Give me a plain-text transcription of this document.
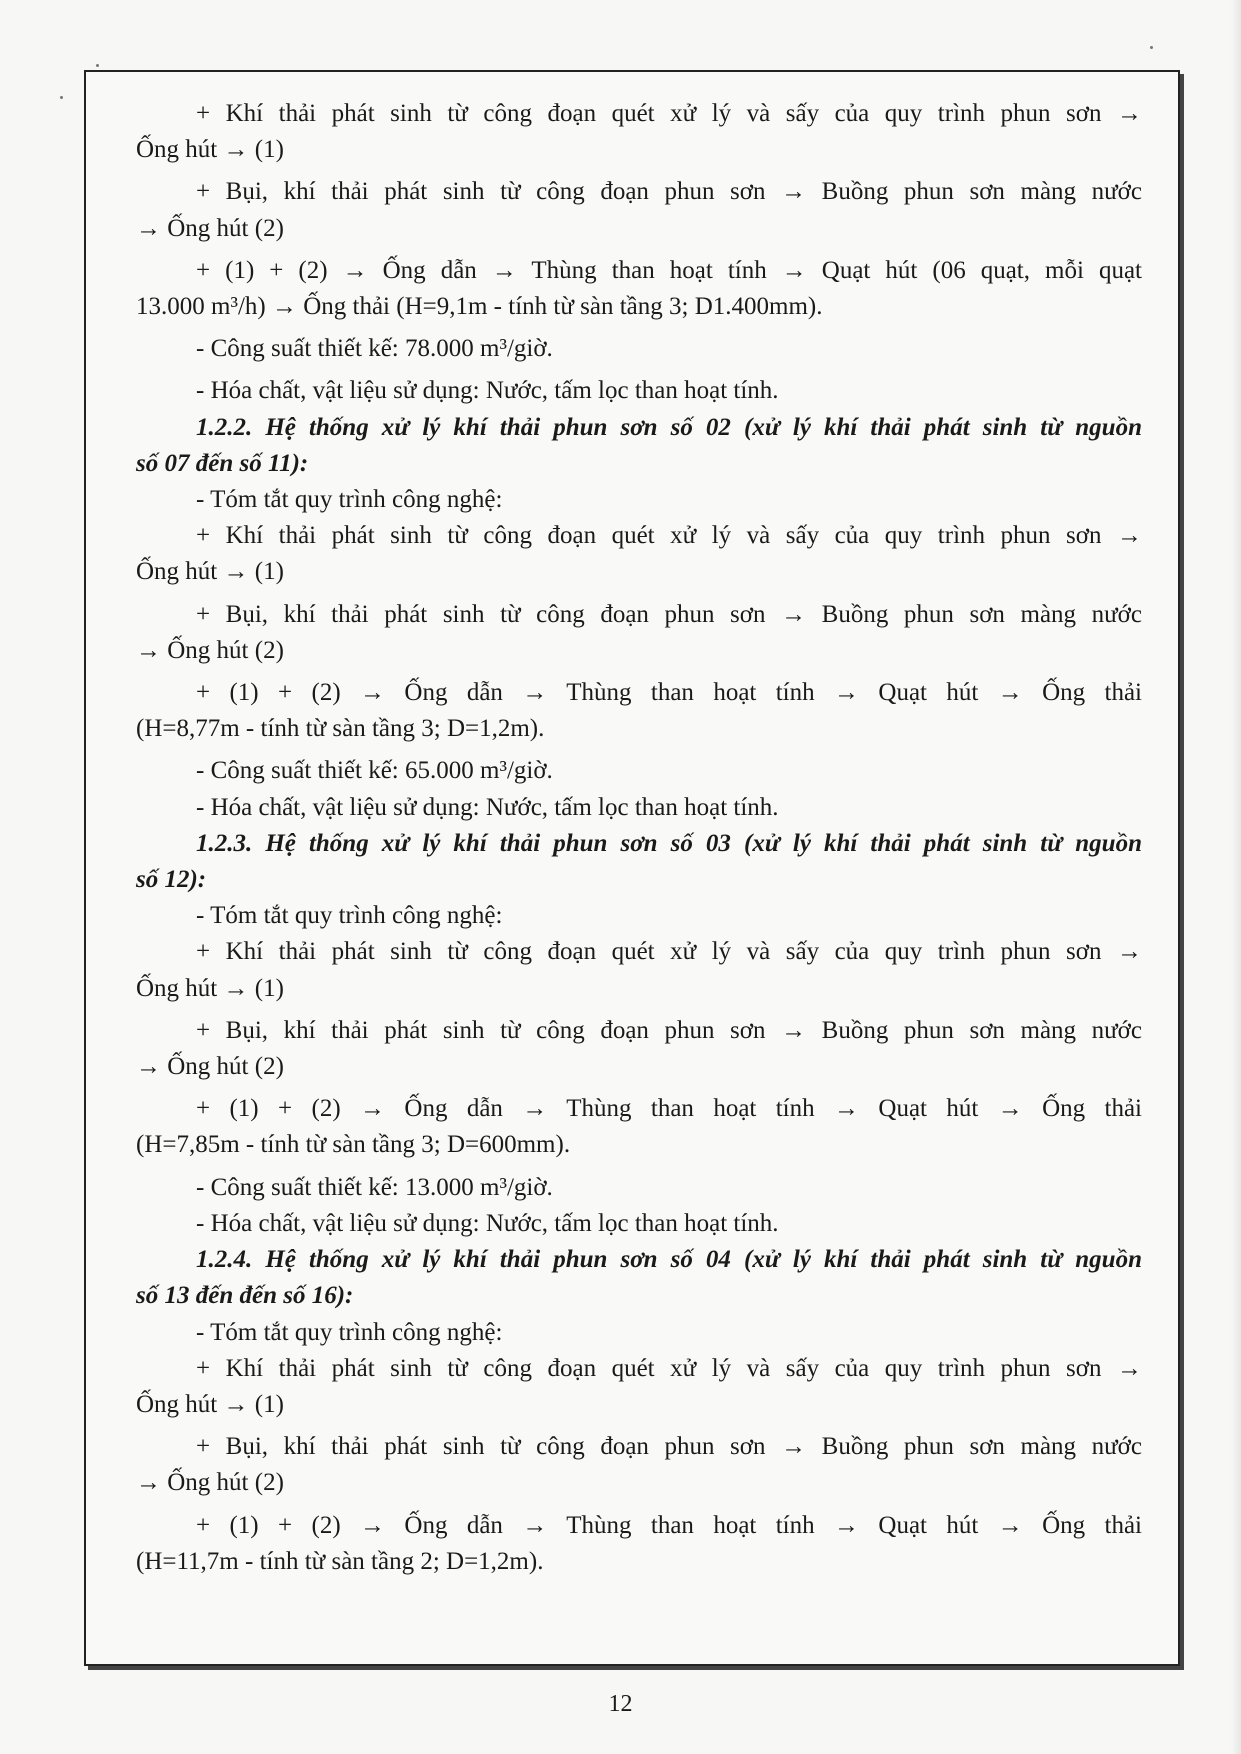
+ Khí thải phát sinh từ công đoạn quét xử lý và sấy của quy trình phun sơn →
Ống hút → (1)
+ Bụi, khí thải phát sinh từ công đoạn phun sơn → Buồng phun sơn màng nước
→ Ống hút (2)
+ (1) + (2) → Ống dẫn → Thùng than hoạt tính → Quạt hút (06 quạt, mỗi quạt
13.000 m³/h) → Ống thải (H=9,1m - tính từ sàn tầng 3; D1.400mm).
- Công suất thiết kế: 78.000 m³/giờ.
- Hóa chất, vật liệu sử dụng: Nước, tấm lọc than hoạt tính.
1.2.2. Hệ thống xử lý khí thải phun sơn số 02 (xử lý khí thải phát sinh từ nguồn
số 07 đến số 11):
- Tóm tắt quy trình công nghệ:
+ Khí thải phát sinh từ công đoạn quét xử lý và sấy của quy trình phun sơn →
Ống hút → (1)
+ Bụi, khí thải phát sinh từ công đoạn phun sơn → Buồng phun sơn màng nước
→ Ống hút (2)
+ (1) + (2) → Ống dẫn → Thùng than hoạt tính → Quạt hút → Ống thải
(H=8,77m - tính từ sàn tầng 3; D=1,2m).
- Công suất thiết kế: 65.000 m³/giờ.
- Hóa chất, vật liệu sử dụng: Nước, tấm lọc than hoạt tính.
1.2.3. Hệ thống xử lý khí thải phun sơn số 03 (xử lý khí thải phát sinh từ nguồn
số 12):
- Tóm tắt quy trình công nghệ:
+ Khí thải phát sinh từ công đoạn quét xử lý và sấy của quy trình phun sơn →
Ống hút → (1)
+ Bụi, khí thải phát sinh từ công đoạn phun sơn → Buồng phun sơn màng nước
→ Ống hút (2)
+ (1) + (2) → Ống dẫn → Thùng than hoạt tính → Quạt hút → Ống thải
(H=7,85m - tính từ sàn tầng 3; D=600mm).
- Công suất thiết kế: 13.000 m³/giờ.
- Hóa chất, vật liệu sử dụng: Nước, tấm lọc than hoạt tính.
1.2.4. Hệ thống xử lý khí thải phun sơn số 04 (xử lý khí thải phát sinh từ nguồn
số 13 đến đến số 16):
- Tóm tắt quy trình công nghệ:
+ Khí thải phát sinh từ công đoạn quét xử lý và sấy của quy trình phun sơn →
Ống hút → (1)
+ Bụi, khí thải phát sinh từ công đoạn phun sơn → Buồng phun sơn màng nước
→ Ống hút (2)
+ (1) + (2) → Ống dẫn → Thùng than hoạt tính → Quạt hút → Ống thải
(H=11,7m - tính từ sàn tầng 2; D=1,2m).
12
